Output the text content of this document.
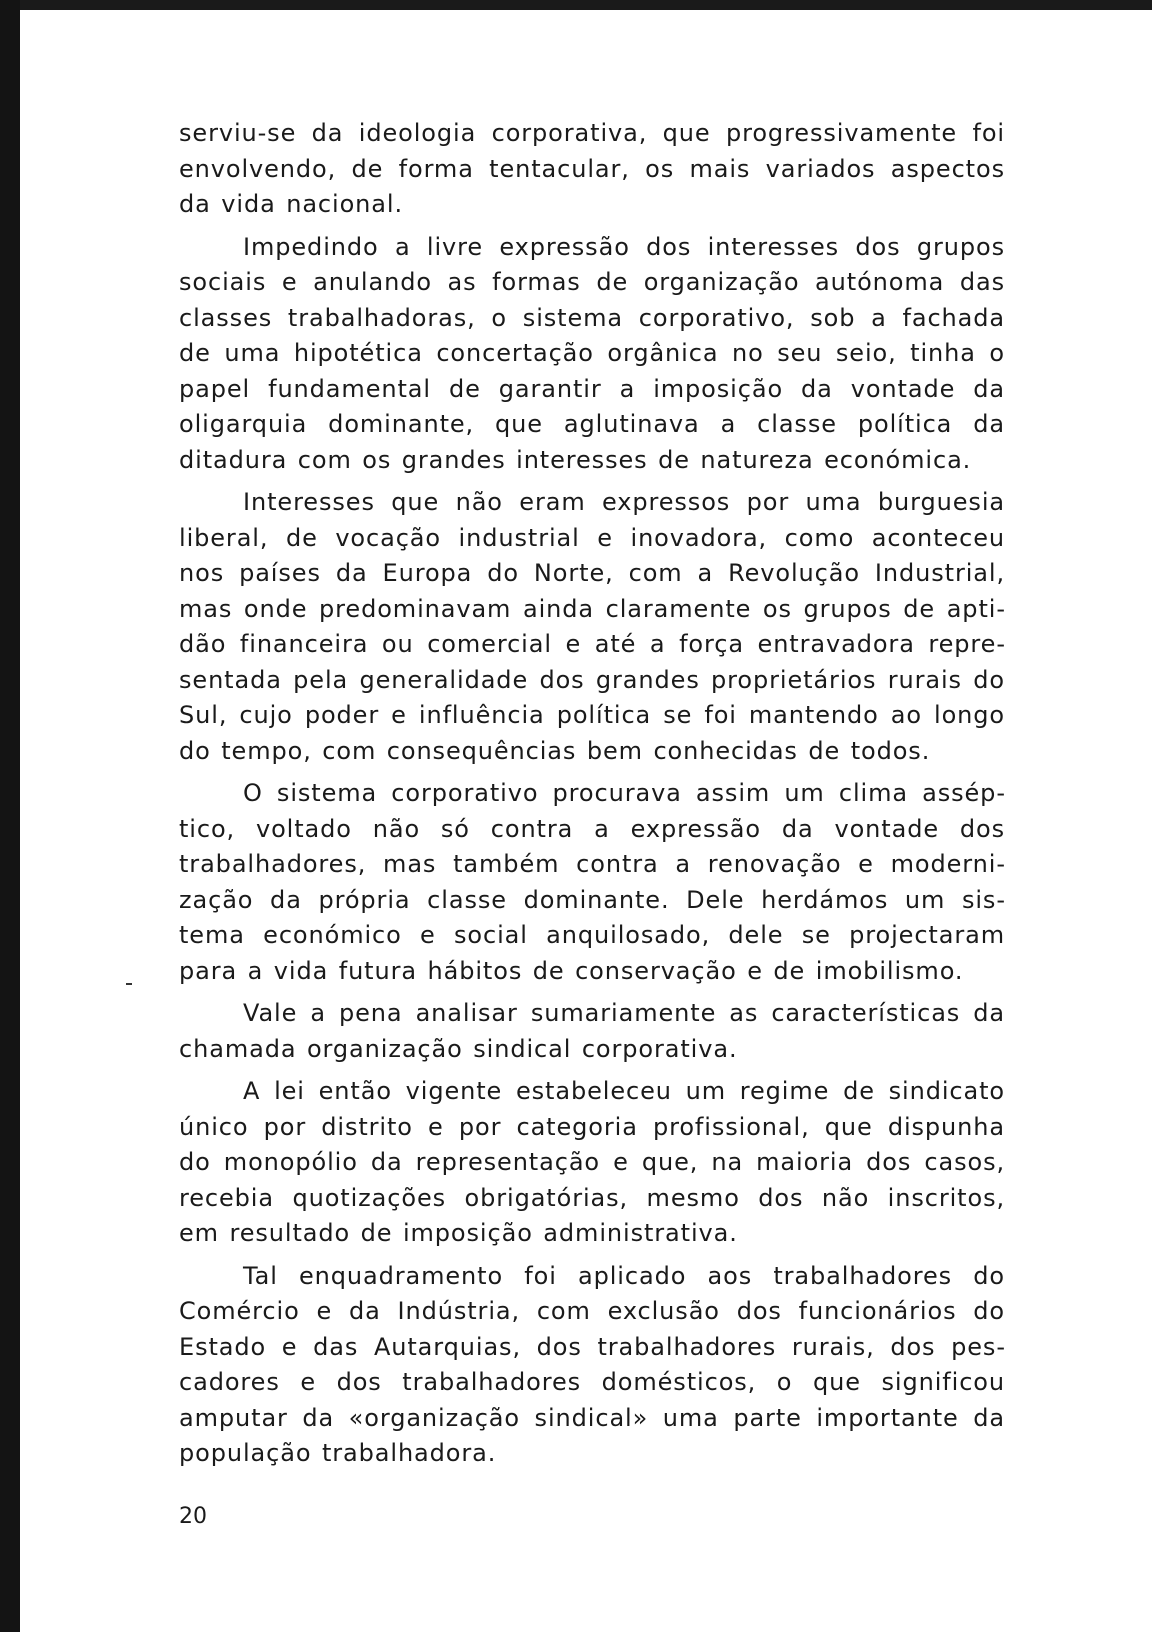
serviu-se da ideologia corporativa, que progressivamente foi envolvendo, de forma tentacular, os mais variados aspectos da vida nacional.

Impedindo a livre expressão dos interesses dos grupos sociais e anulando as formas de organização autónoma das classes trabalhadoras, o sistema corporativo, sob a fachada de uma hipotética concertação orgânica no seu seio, tinha o papel fundamental de garantir a imposição da vontade da oligarquia dominante, que aglutinava a classe política da ditadura com os grandes interesses de natureza económica.

Interesses que não eram expressos por uma burguesia liberal, de vocação industrial e inovadora, como aconteceu nos países da Europa do Norte, com a Revolução Industrial, mas onde predominavam ainda claramente os grupos de aptidão financeira ou comercial e até a força entravadora representada pela generalidade dos grandes proprietários rurais do Sul, cujo poder e influência política se foi mantendo ao longo do tempo, com consequências bem conhecidas de todos.

O sistema corporativo procurava assim um clima asséptico, voltado não só contra a expressão da vontade dos trabalhadores, mas também contra a renovação e modernização da própria classe dominante. Dele herdámos um sistema económico e social anquilosado, dele se projectaram para a vida futura hábitos de conservação e de imobilismo.

Vale a pena analisar sumariamente as características da chamada organização sindical corporativa.

A lei então vigente estabeleceu um regime de sindicato único por distrito e por categoria profissional, que dispunha do monopólio da representação e que, na maioria dos casos, recebia quotizações obrigatórias, mesmo dos não inscritos, em resultado de imposição administrativa.

Tal enquadramento foi aplicado aos trabalhadores do Comércio e da Indústria, com exclusão dos funcionários do Estado e das Autarquias, dos trabalhadores rurais, dos pescadores e dos trabalhadores domésticos, o que significou amputar da «organização sindical» uma parte importante da população trabalhadora.

20
